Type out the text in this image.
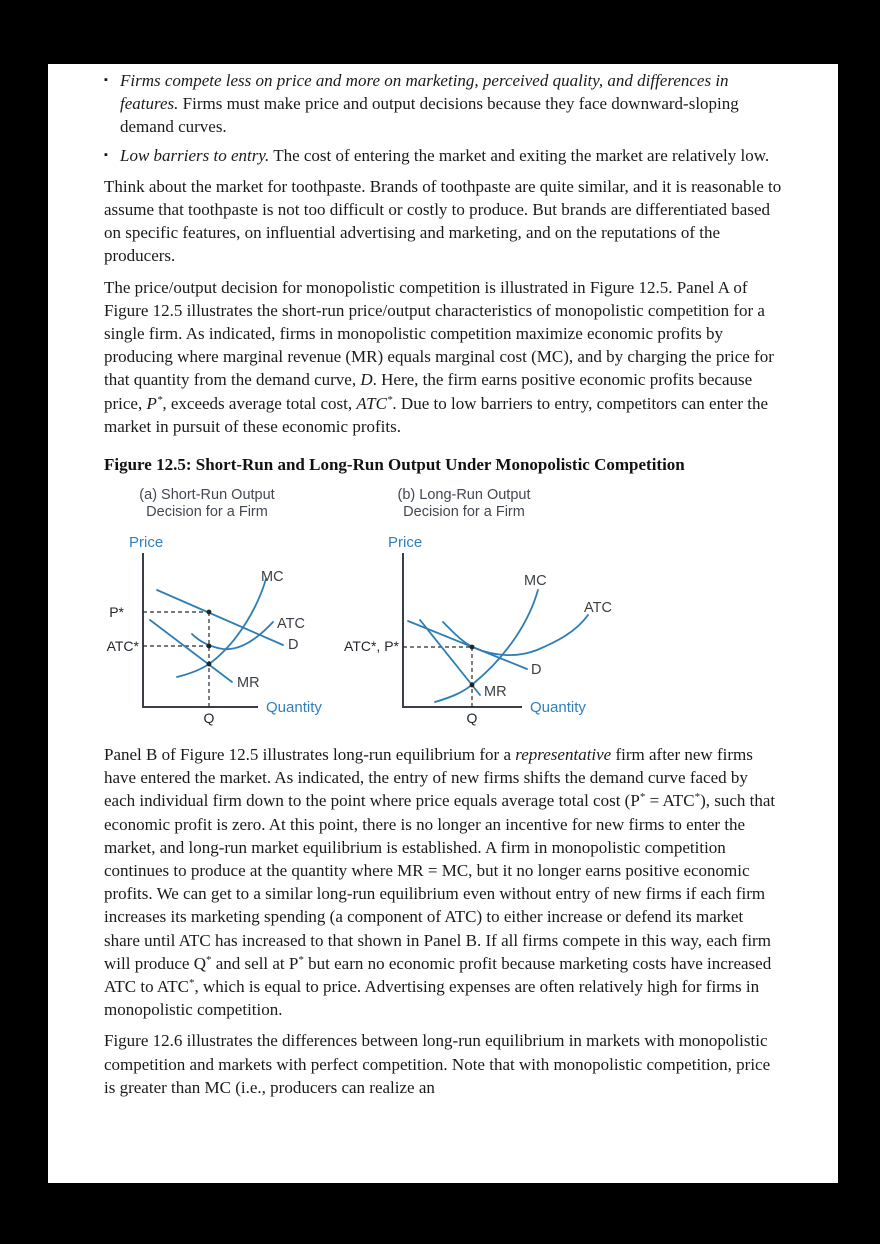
▪ Firms compete less on price and more on marketing, perceived quality, and differences in features. Firms must make price and output decisions because they face downward-sloping demand curves.
▪ Low barriers to entry. The cost of entering the market and exiting the market are relatively low.

Think about the market for toothpaste. Brands of toothpaste are quite similar, and it is reasonable to assume that toothpaste is not too difficult or costly to produce. But brands are differentiated based on specific features, on influential advertising and marketing, and on the reputations of the producers.

The price/output decision for monopolistic competition is illustrated in Figure 12.5. Panel A of Figure 12.5 illustrates the short-run price/output characteristics of monopolistic competition for a single firm. As indicated, firms in monopolistic competition maximize economic profits by producing where marginal revenue (MR) equals marginal cost (MC), and by charging the price for that quantity from the demand curve, D. Here, the firm earns positive economic profits because price, P*, exceeds average total cost, ATC*. Due to low barriers to entry, competitors can enter the market in pursuit of these economic profits.

Figure 12.5: Short-Run and Long-Run Output Under Monopolistic Competition
(a) Short-Run Output
Decision for a Firm
Price
Quantity
P*
ATC*
Q
MC
ATC
D
MR
(b) Long-Run Output
Decision for a Firm
Price
Quantity
ATC*, P*
Q
MC
ATC
D
MR

Panel B of Figure 12.5 illustrates long-run equilibrium for a representative firm after new firms have entered the market. As indicated, the entry of new firms shifts the demand curve faced by each individual firm down to the point where price equals average total cost (P* = ATC*), such that economic profit is zero. At this point, there is no longer an incentive for new firms to enter the market, and long-run market equilibrium is established. A firm in monopolistic competition continues to produce at the quantity where MR = MC, but it no longer earns positive economic profits. We can get to a similar long-run equilibrium even without entry of new firms if each firm increases its marketing spending (a component of ATC) to either increase or defend its market share until ATC has increased to that shown in Panel B. If all firms compete in this way, each firm will produce Q* and sell at P* but earn no economic profit because marketing costs have increased ATC to ATC*, which is equal to price. Advertising expenses are often relatively high for firms in monopolistic competition.

Figure 12.6 illustrates the differences between long-run equilibrium in markets with monopolistic competition and markets with perfect competition. Note that with monopolistic competition, price is greater than MC (i.e., producers can realize an
